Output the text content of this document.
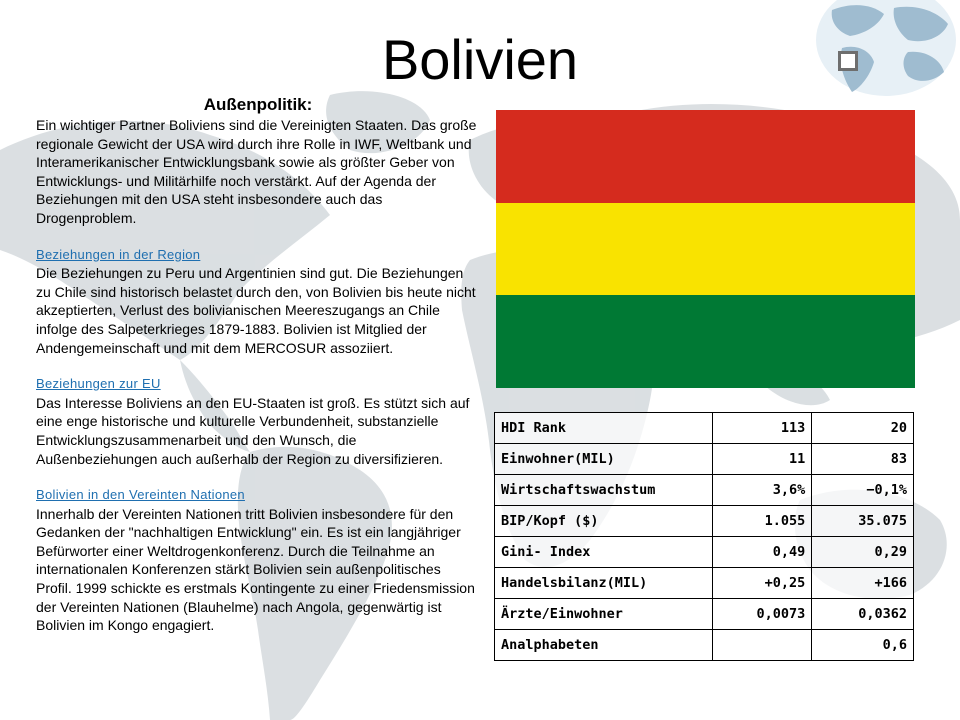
Bolivien
Außenpolitik:
Ein wichtiger Partner Boliviens sind die Vereinigten Staaten. Das große regionale Gewicht der USA wird durch ihre Rolle in IWF, Weltbank und Interamerikanischer Entwicklungsbank sowie als größter Geber von Entwicklungs- und Militärhilfe noch verstärkt. Auf der Agenda der Beziehungen mit den USA steht insbesondere auch das Drogenproblem.
Beziehungen in der Region
Die Beziehungen zu Peru und Argentinien sind gut. Die Beziehungen zu Chile sind historisch belastet durch den, von Bolivien bis heute nicht akzeptierten, Verlust des bolivianischen Meereszugangs an Chile infolge des Salpeterkrieges 1879-1883. Bolivien ist Mitglied der Andengemeinschaft und mit dem MERCOSUR assoziiert.
Beziehungen zur EU
Das Interesse Boliviens an den EU-Staaten ist groß. Es stützt sich auf eine enge historische und kulturelle Verbundenheit, substanzielle Entwicklungszusammenarbeit und den Wunsch, die Außenbeziehungen auch außerhalb der Region zu diversifizieren.
Bolivien in den Vereinten Nationen
Innerhalb der Vereinten Nationen tritt Bolivien insbesondere für den Gedanken der "nachhaltigen Entwicklung" ein. Es ist ein langjähriger Befürworter einer Weltdrogenkonferenz. Durch die Teilnahme an internationalen Konferenzen stärkt Bolivien sein außenpolitisches Profil. 1999 schickte es erstmals Kontingente zu einer Friedensmission der Vereinten Nationen (Blauhelme) nach Angola, gegenwärtig ist Bolivien im Kongo engagiert.
HDI Rank	113	20
Einwohner(MIL)	11	83
Wirtschaftswachstum	3,6%	−0,1%
BIP/Kopf ($)	1.055	35.075
Gini- Index	0,49	0,29
Handelsbilanz(MIL)	+0,25	+166
Ärzte/Einwohner	0,0073	0,0362
Analphabeten		0,6
